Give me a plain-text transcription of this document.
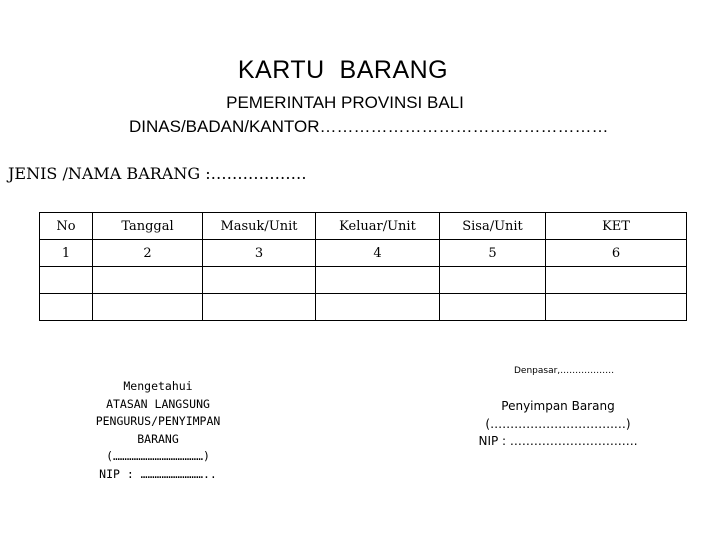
KARTU  BARANG
PEMERINTAH PROVINSI BALI
DINAS/BADAN/KANTOR……………………………………………
JENIS /NAMA BARANG :………………
No	Tanggal	Masuk/Unit	Keluar/Unit	Sisa/Unit	KET
1	2	3	4	5	6

Denpasar,………………
Mengetahui
ATASAN LANGSUNG
PENGURUS/PENYIMPAN
BARANG
(…………………………………)
NIP : ………………………..
Penyimpan Barang
(………………………….…)
NIP : ……………………….….
